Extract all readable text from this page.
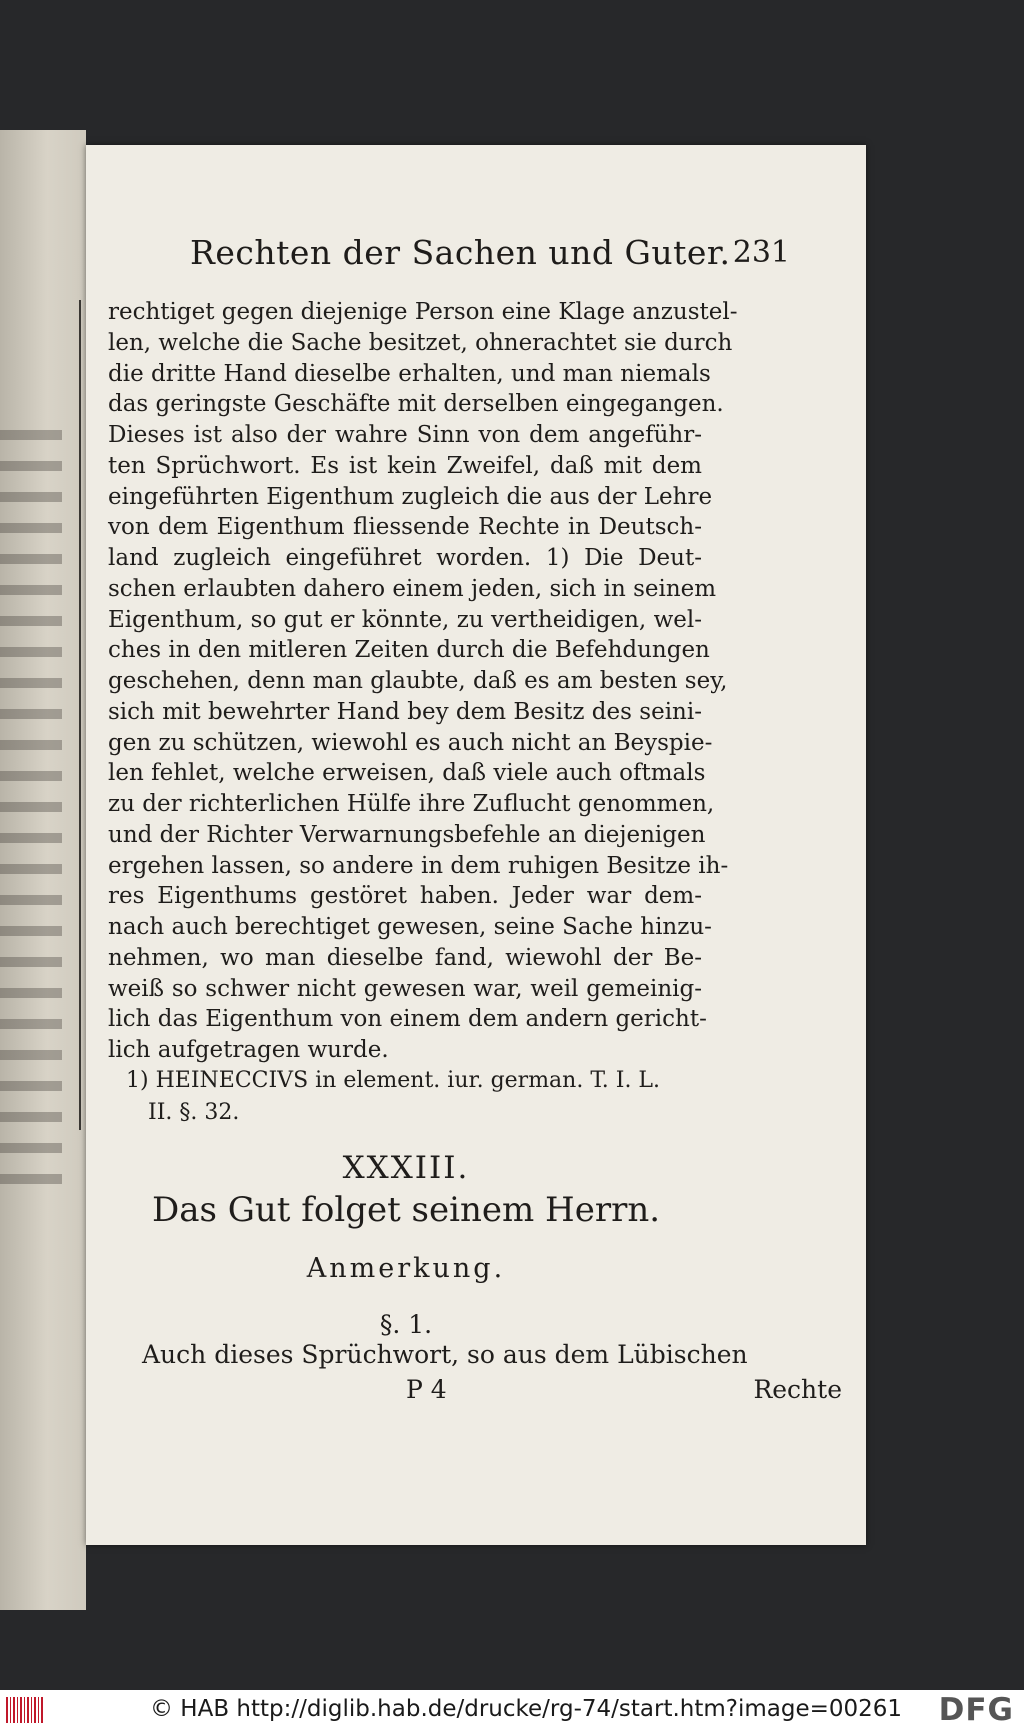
Rechten der Sachen und Guter. 231
rechtiget gegen diejenige Person eine Klage anzustel-
len, welche die Sache besitzet, ohnerachtet sie durch
die dritte Hand dieselbe erhalten, und man niemals
das geringste Geschäfte mit derselben eingegangen.
Dieses ist also der wahre Sinn von dem angeführ-
ten Sprüchwort. Es ist kein Zweifel, daß mit dem
eingeführten Eigenthum zugleich die aus der Lehre
von dem Eigenthum fliessende Rechte in Deutsch-
land zugleich eingeführet worden. 1) Die Deut-
schen erlaubten dahero einem jeden, sich in seinem
Eigenthum, so gut er könnte, zu vertheidigen, wel-
ches in den mitleren Zeiten durch die Befehdungen
geschehen, denn man glaubte, daß es am besten sey,
sich mit bewehrter Hand bey dem Besitz des seini-
gen zu schützen, wiewohl es auch nicht an Beyspie-
len fehlet, welche erweisen, daß viele auch oftmals
zu der richterlichen Hülfe ihre Zuflucht genommen,
und der Richter Verwarnungsbefehle an diejenigen
ergehen lassen, so andere in dem ruhigen Besitze ih-
res Eigenthums gestöret haben. Jeder war dem-
nach auch berechtiget gewesen, seine Sache hinzu-
nehmen, wo man dieselbe fand, wiewohl der Be-
weiß so schwer nicht gewesen war, weil gemeinig-
lich das Eigenthum von einem dem andern gericht-
lich aufgetragen wurde.
1) HEINECCIVS in element. iur. german. T. I. L.
II. §. 32.
XXXIII.
Das Gut folget seinem Herrn.
Anmerkung.
§. 1.
Auch dieses Sprüchwort, so aus dem Lübischen
P 4	Rechte
© HAB http://diglib.hab.de/drucke/rg-74/start.htm?image=00261 DFG
